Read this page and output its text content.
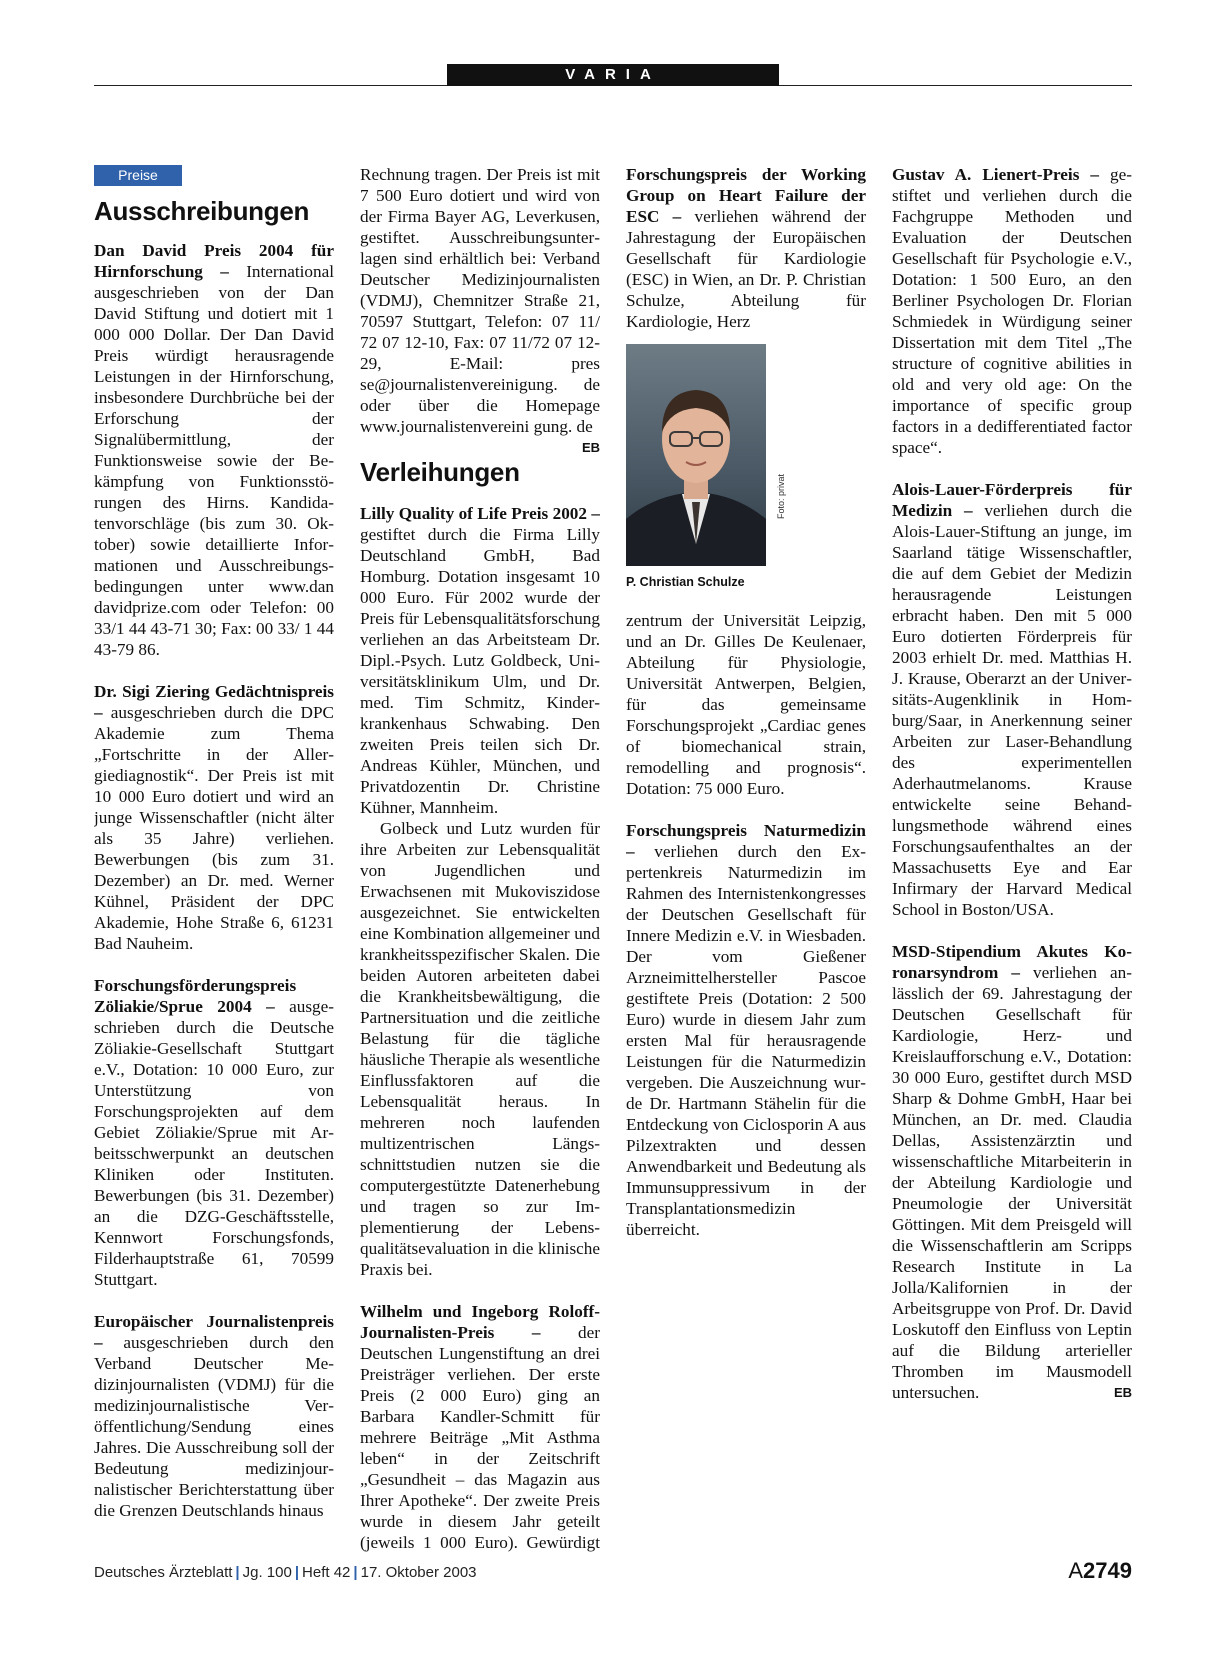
VARIA
Preise
Ausschreibungen

Dan David Preis 2004 für Hirnforschung – International ausgeschrieben von der Dan David Stiftung und dotiert mit 1 000 000 Dollar. Der Dan David Preis würdigt herausragende Leistungen in der Hirnforschung, insbesondere Durchbrüche bei der Erforschung der Signalübermittlung, der Funktionsweise sowie der Bekämpfung von Funktionsstörungen des Hirns. Kandidatenvorschläge (bis zum 30. Oktober) sowie detaillierte Informationen und Ausschreibungsbedingungen unter www.dan davidprize.com oder Telefon: 00 33/1 44 43-71 30; Fax: 00 33/ 1 44 43-79 86.

Dr. Sigi Ziering Gedächtnispreis – ausgeschrieben durch die DPC Akademie zum Thema „Fortschritte in der Allergiediagnostik“. Der Preis ist mit 10 000 Euro dotiert und wird an junge Wissenschaftler (nicht älter als 35 Jahre) verliehen. Bewerbungen (bis zum 31. Dezember) an Dr. med. Werner Kühnel, Präsident der DPC Akademie, Hohe Straße 6, 61231 Bad Nauheim.

Forschungsförderungspreis Zöliakie/Sprue 2004 – ausgeschrieben durch die Deutsche Zöliakie-Gesellschaft Stuttgart e.V., Dotation: 10 000 Euro, zur Unterstützung von Forschungsprojekten auf dem Gebiet Zöliakie/Sprue mit Arbeitsschwerpunkt an deutschen Kliniken oder Instituten. Bewerbungen (bis 31. Dezember) an die DZG-Geschäftsstelle, Kennwort Forschungsfonds, Filderhauptstraße 61, 70599 Stuttgart.

Europäischer Journalistenpreis – ausgeschrieben durch den Verband Deutscher Medizinjournalisten (VDMJ) für die medizinjournalistische Veröffentlichung/Sendung eines Jahres. Die Ausschreibung soll der Bedeutung medizinjournalistischer Berichterstattung über die Grenzen Deutschlands hinaus

Rechnung tragen. Der Preis ist mit 7 500 Euro dotiert und wird von der Firma Bayer AG, Leverkusen, gestiftet. Ausschreibungsunterlagen sind erhältlich bei: Verband Deutscher Medizinjournalisten (VDMJ), Chemnitzer Straße 21, 70597 Stuttgart, Telefon: 07 11/ 72 07 12-10, Fax: 07 11/72 07 12-29, E-Mail: pres se@journalistenvereinigung. de oder über die Homepage www.journalistenvereini gung. de
EB

Verleihungen

Lilly Quality of Life Preis 2002 – gestiftet durch die Firma Lilly Deutschland GmbH, Bad Homburg. Dotation insgesamt 10 000 Euro. Für 2002 wurde der Preis für Lebensqualitätsforschung verliehen an das Arbeitsteam Dr. Dipl.-Psych. Lutz Goldbeck, Universitätsklinikum Ulm, und Dr. med. Tim Schmitz, Kinderkrankenhaus Schwabing. Den zweiten Preis teilen sich Dr. Andreas Kühler, München, und Privatdozentin Dr. Christine Kühner, Mannheim.

Golbeck und Lutz wurden für ihre Arbeiten zur Lebensqualität von Jugendlichen und Erwachsenen mit Mukoviszidose ausgezeichnet. Sie entwickelten eine Kombination allgemeiner und krankheitsspezifischer Skalen. Die beiden Autoren arbeiteten dabei die Krankheitsbewältigung, die Partnersituation und die zeitliche Belastung für die tägliche häusliche Therapie als wesentliche Einflussfaktoren auf die Lebensqualität heraus. In mehreren noch laufenden multizentrischen Längsschnittstudien nutzen sie die computergestützte Datenerhebung und tragen so zur Implementierung der Lebensqualitätsevaluation in die klinische Praxis bei.

Wilhelm und Ingeborg Roloff-Journalisten-Preis – der Deutschen Lungenstiftung an drei Preisträger verliehen. Der erste Preis (2 000 Euro) ging an Barbara Kandler-Schmitt für mehrere Beiträge „Mit Asthma leben“ in der Zeitschrift „Gesundheit – das Magazin aus Ihrer Apotheke“. Der zweite Preis wurde in diesem Jahr geteilt (jeweils 1 000 Euro). Gewürdigt

Forschungspreis der Working Group on Heart Failure der ESC – verliehen während der Jahrestagung der Europäischen Gesellschaft für Kardiologie (ESC) in Wien, an Dr. P. Christian Schulze, Abteilung für Kardiologie, Herz

Foto: privat
P. Christian Schulze

zentrum der Universität Leipzig, und an Dr. Gilles De Keulenaer, Abteilung für Physiologie, Universität Antwerpen, Belgien, für das gemeinsame Forschungsprojekt „Cardiac genes of biomechanical strain, remodelling and prognosis“. Dotation: 75 000 Euro.

Forschungspreis Naturmedizin – verliehen durch den Expertenkreis Naturmedizin im Rahmen des Internistenkongresses der Deutschen Gesellschaft für Innere Medizin e.V. in Wiesbaden. Der vom Gießener Arzneimittelhersteller Pascoe gestiftete Preis (Dotation: 2 500 Euro) wurde in diesem Jahr zum ersten Mal für herausragende Leistungen für die Naturmedizin vergeben. Die Auszeichnung wurde Dr. Hartmann Stähelin für die Entdeckung von Ciclosporin A aus Pilzextrakten und dessen Anwendbarkeit und Bedeutung als Immunsuppressivum in der Transplantationsmedizin überreicht.

Gustav A. Lienert-Preis – gestiftet und verliehen durch die Fachgruppe Methoden und Evaluation der Deutschen Gesellschaft für Psychologie e.V., Dotation: 1 500 Euro, an den Berliner Psychologen Dr. Florian Schmiedek in Würdigung seiner Dissertation mit dem Titel „The structure of cognitive abilities in old and very old age: On the importance of specific group factors in a dedifferentiated factor space“.

Alois-Lauer-Förderpreis für Medizin – verliehen durch die Alois-Lauer-Stiftung an junge, im Saarland tätige Wissenschaftler, die auf dem Gebiet der Medizin herausragende Leistungen erbracht haben. Den mit 5 000 Euro dotierten Förderpreis für 2003 erhielt Dr. med. Matthias H. J. Krause, Oberarzt an der Universitäts-Augenklinik in Homburg/Saar, in Anerkennung seiner Arbeiten zur Laser-Behandlung des experimentellen Aderhautmelanoms. Krause entwickelte seine Behandlungsmethode während eines Forschungsaufenthaltes an der Massachusetts Eye and Ear Infirmary der Harvard Medical School in Boston/USA.

MSD-Stipendium Akutes Koronarsyndrom – verliehen anlässlich der 69. Jahrestagung der Deutschen Gesellschaft für Kardiologie, Herz- und Kreislaufforschung e.V., Dotation: 30 000 Euro, gestiftet durch MSD Sharp & Dohme GmbH, Haar bei München, an Dr. med. Claudia Dellas, Assistenzärztin und wissenschaftliche Mitarbeiterin in der Abteilung Kardiologie und Pneumologie der Universität Göttingen. Mit dem Preisgeld will die Wissenschaftlerin am Scripps Research Institute in La Jolla/Kalifornien in der Arbeitsgruppe von Prof. Dr. David Loskutoff den Einfluss von Leptin auf die Bildung arterieller Thromben im Mausmodell untersuchen.	EB

Deutsches Ärzteblatt | Jg. 100 | Heft 42 | 17. Oktober 2003	A2749
